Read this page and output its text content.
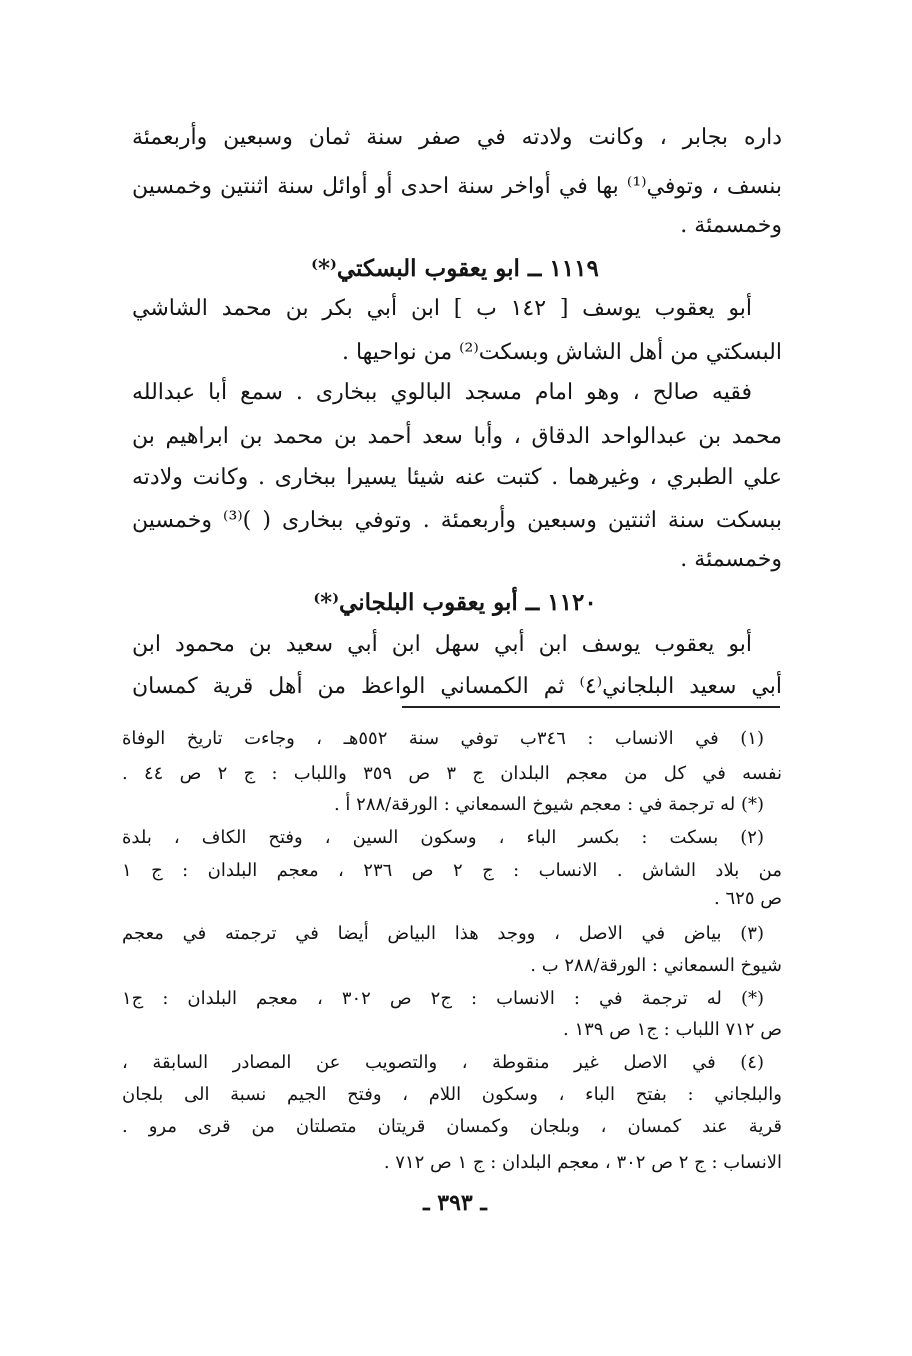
داره بجابر ، وكانت ولادته في صفر سنة ثمان وسبعين وأربعمئة
بنسف ، وتوفي⁽¹⁾ بها في أواخر سنة احدى أو أوائل سنة اثنتين وخمسين
وخمسمئة .
١١١٩ ــ ابو يعقوب البسكتي⁽*⁾
أبو يعقوب يوسف [ ١٤٢ ب ] ابن أبي بكر بن محمد الشاشي
البسكتي من أهل الشاش وبسكت⁽²⁾ من نواحيها .
فقيه صالح ، وهو امام مسجد البالوي ببخارى . سمع أبا عبدالله
محمد بن عبدالواحد الدقاق ، وأبا سعد أحمد بن محمد بن ابراهيم بن
علي الطبري ، وغيرهما . كتبت عنه شيئا يسيرا ببخارى . وكانت ولادته
ببسكت سنة اثنتين وسبعين وأربعمئة . وتوفي ببخارى ( )⁽³⁾ وخمسين
وخمسمئة .
١١٢٠ ــ أبو يعقوب البلجاني⁽*⁾
أبو يعقوب يوسف ابن أبي سهل ابن أبي سعيد بن محمود ابن
أبي سعيد البلجاني⁽٤⁾ ثم الكمساني الواعظ من أهل قرية كمسان
(١) في الانساب : ٣٤٦ب توفي سنة ٥٥٢هـ ، وجاءت تاريخ الوفاة
نفسه في كل من معجم البلدان ج ٣ ص ٣٥٩ واللباب : ج ٢ ص ٤٤ .
(*) له ترجمة في : معجم شيوخ السمعاني : الورقة/٢٨٨ أ .
(٢) بسكت : بكسر الباء ، وسكون السين ، وفتح الكاف ، بلدة
من بلاد الشاش . الانساب : ج ٢ ص ٢٣٦ ، معجم البلدان : ج ١
ص ٦٢٥ .
(٣) بياض في الاصل ، ووجد هذا البياض أيضا في ترجمته في معجم
شيوخ السمعاني : الورقة/٢٨٨ ب .
(*) له ترجمة في : الانساب : ج٢ ص ٣٠٢ ، معجم البلدان : ج١
ص ٧١٢ اللباب : ج١ ص ١٣٩ .
(٤) في الاصل غير منقوطة ، والتصويب عن المصادر السابقة ،
والبلجاني : بفتح الباء ، وسكون اللام ، وفتح الجيم نسبة الى بلجان
قرية عند كمسان ، وبلجان وكمسان قريتان متصلتان من قرى مرو .
الانساب : ج ٢ ص ٣٠٢ ، معجم البلدان : ج ١ ص ٧١٢ .
ـ ٣٩٣ ـ
